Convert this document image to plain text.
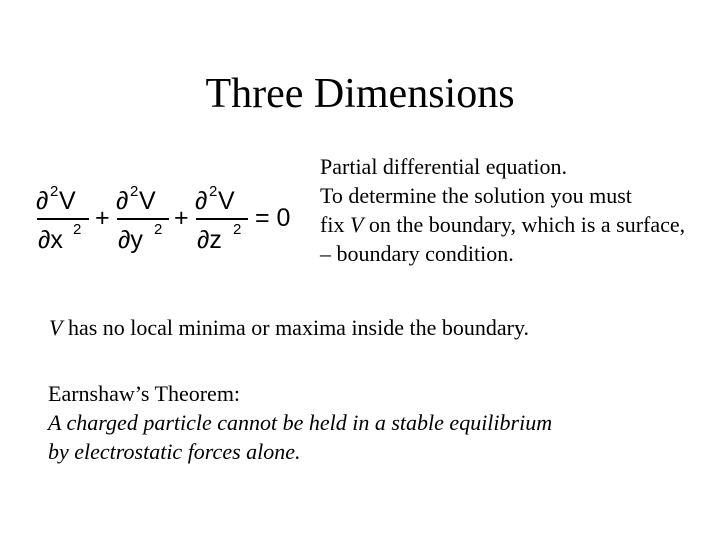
Three Dimensions
∂ 2 V
∂x 2 +
∂ 2 V
∂y 2 +
∂ 2 V
∂z 2 = 0
Partial differential equation.
To determine the solution you must
fix V on the boundary, which is a surface,
– boundary condition.
V has no local minima or maxima inside the boundary.
Earnshaw’s Theorem:
A charged particle cannot be held in a stable equilibrium
by electrostatic forces alone.
